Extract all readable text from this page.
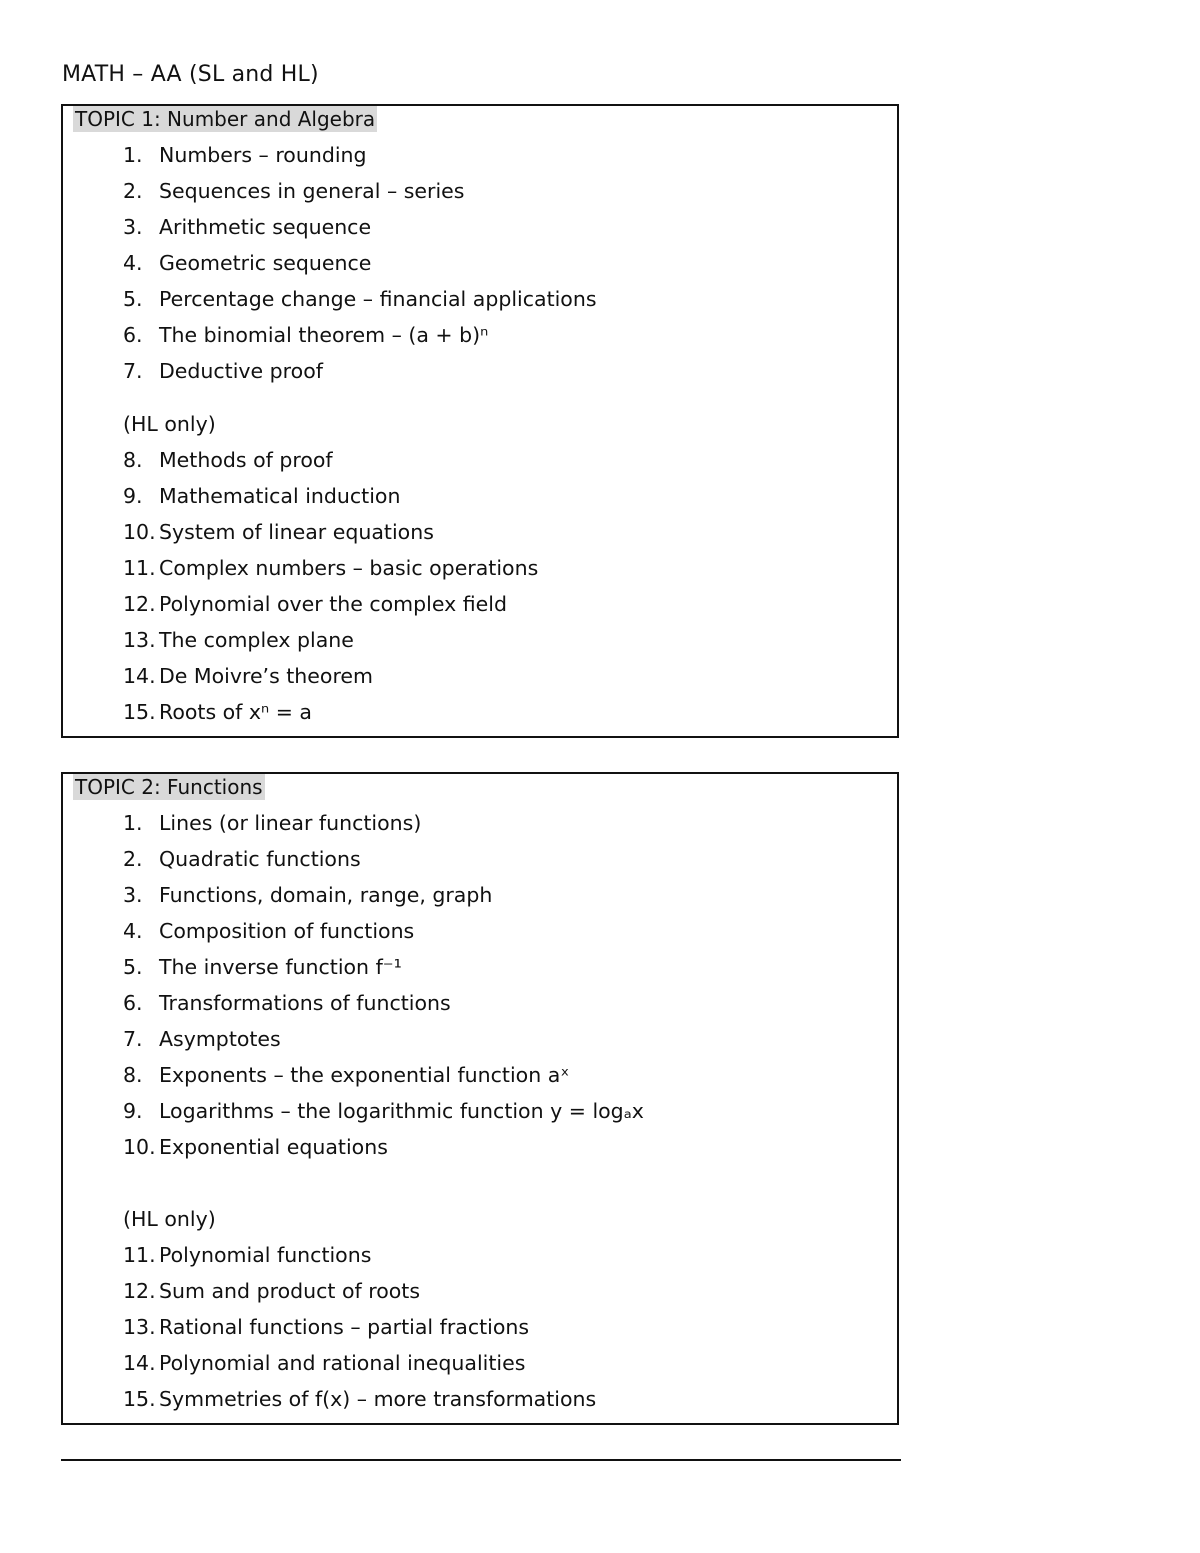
MATH – AA (SL and HL)
TOPIC 1: Number and Algebra
1. Numbers – rounding
2. Sequences in general – series
3. Arithmetic sequence
4. Geometric sequence
5. Percentage change – financial applications
6. The binomial theorem – (a + b)ⁿ
7. Deductive proof
(HL only)
8. Methods of proof
9. Mathematical induction
10. System of linear equations
11. Complex numbers – basic operations
12. Polynomial over the complex field
13. The complex plane
14. De Moivre’s theorem
15. Roots of xⁿ = a
TOPIC 2: Functions
1. Lines (or linear functions)
2. Quadratic functions
3. Functions, domain, range, graph
4. Composition of functions
5. The inverse function f⁻¹
6. Transformations of functions
7. Asymptotes
8. Exponents – the exponential function aˣ
9. Logarithms – the logarithmic function y = logₐx
10. Exponential equations
(HL only)
11. Polynomial functions
12. Sum and product of roots
13. Rational functions – partial fractions
14. Polynomial and rational inequalities
15. Symmetries of f(x) – more transformations
